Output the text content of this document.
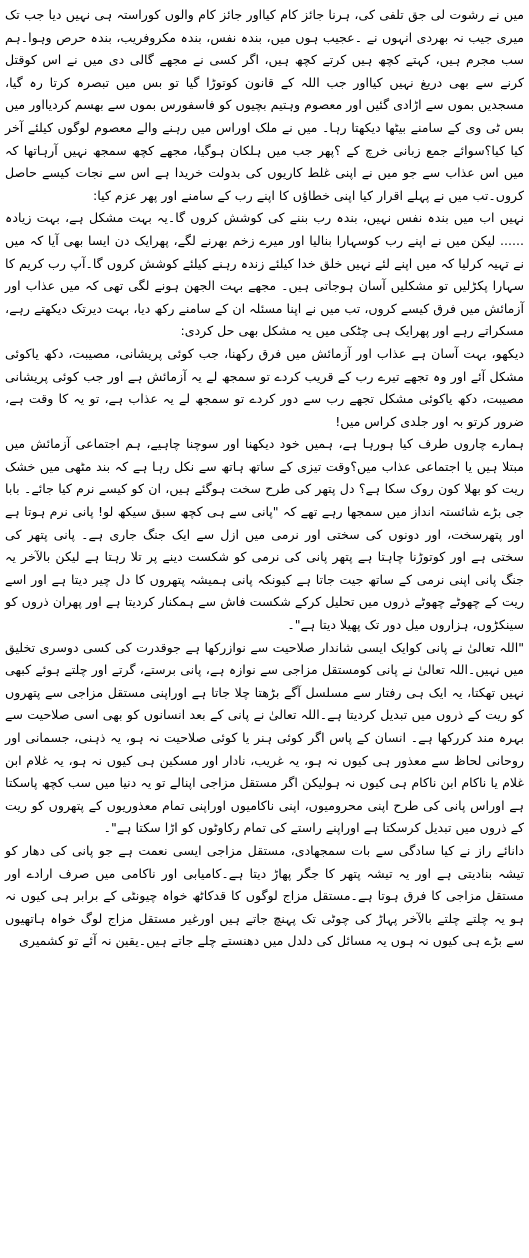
میں نے رشوت لی جق تلفی کی، ہرنا جائز کام کیااور جائز کام والوں کوراستہ ہی نہیں دیا جب تک میری جیب نہ بھردی انہوں نے ۔عجیب ہوں میں، بندہ نفس، بندہ مکروفریب، بندہ حرص وہوا۔ہم سب مجرم ہیں، کہتے کچھ ہیں کرتے کچھ ہیں، اگر کسی نے مجھے گالی دی میں نے اس کوقتل کرنے سے بھی دریغ نہیں کیااور جب اللہ کے قانون کوتوڑا گیا تو بس میں تبصرہ کرتا رہ گیا، مسجدیں بموں سے اڑادی گئیں اور معصوم وہتیم بچیوں کو فاسفورس بموں سے بھسم کردیااور میں بس ٹی وی کے سامنے بیٹھا دیکھتا رہا۔ میں نے ملک اوراس میں رہنے والے معصوم لوگوں کیلئے آخر کیا کیا؟سوائے جمع زبانی خرچ کے ؟پھر جب میں ہلکان ہوگیا، مجھے کچھ سمجھ نہیں آرہاتھا کہ میں اس عذاب سے جو میں نے اپنی غلط کاریوں کی بدولت خریدا ہے اس سے نجات کیسے حاصل کروں۔تب میں نے پہلے اقرار کیا اپنی خطاؤں کا اپنے رب کے سامنے اور پھر عزم کیا:

نہیں اب میں بندہ نفس نہیں، بندہ رب بننے کی کوشش کروں گا۔یہ بہت مشکل ہے، بہت زیادہ ...... لیکن میں نے اپنے رب کوسہارا بنالیا اور میرے زخم بھرنے لگے، پھرایک دن ایسا بھی آیا کہ میں نے تہیہ کرلیا کہ میں اپنے لئے نہیں خلق خدا کیلئے زندہ رہنے کیلئے کوشش کروں گا۔آپ رب کریم کا سہارا پکڑلیں تو مشکلیں آسان ہوجاتی ہیں۔ مجھے بہت الجھن ہونے لگی تھی کہ میں عذاب اور آزمائش میں فرق کیسے کروں، تب میں نے اپنا مسئلہ ان کے سامنے رکھ دیا، بہت دیرتک دیکھتے رہے، مسکراتے رہے اور پھرایک ہی چٹکی میں یہ مشکل بھی حل کردی:

دیکھو، بہت آسان ہے عذاب اور آزمائش میں فرق رکھنا، جب کوئی پریشانی، مصیبت، دکھ یاکوئی مشکل آئے اور وہ تجھے تیرے رب کے قریب کردے تو سمجھ لے یہ آزمائش ہے اور جب کوئی پریشانی مصیبت، دکھ یاکوئی مشکل تجھے رب سے دور کردے تو سمجھ لے یہ عذاب ہے، تو یہ کا وقت ہے، ضرور کرتو بہ اور جلدی کراس میں!

ہمارے چاروں طرف کیا ہورہا ہے، ہمیں خود دیکھنا اور سوچنا چاہیے، ہم اجتماعی آزمائش میں مبتلا ہیں یا اجتماعی عذاب میں؟وقت تیزی کے ساتھ ہاتھ سے نکل رہا ہے کہ بند مٹھی میں خشک ریت کو بھلا کون روک سکا ہے؟ دل پتھر کی طرح سخت ہوگئے ہیں، ان کو کیسے نرم کیا جائے۔ بابا جی بڑے شائستہ انداز میں سمجھا رہے تھے کہ "پانی سے ہی کچھ سبق سیکھ لو! پانی نرم ہوتا ہے اور پتھرسخت، اور دونوں کی سختی اور نرمی میں ازل سے ایک جنگ جاری ہے۔ پانی پتھر کی سختی ہے اور کوتوڑنا چاہتا ہے پتھر پانی کی نرمی کو شکست دینے پر تلا رہتا ہے لیکن بالآخر یہ جنگ پانی اپنی نرمی کے ساتھ جیت جاتا ہے کیونکہ پانی ہمیشہ پتھروں کا دل چیر دیتا ہے اور اسے ریت کے چھوٹے چھوٹے ذروں میں تحلیل کرکے شکست فاش سے ہمکنار کردیتا ہے اور پھران ذروں کو سینکڑوں، ہزاروں میل دور تک پھیلا دیتا ہے"۔

"اللہ تعالیٰ نے پانی کوایک ایسی شاندار صلاحیت سے نوازرکھا ہے جوقدرت کی کسی دوسری تخلیق میں نہیں۔اللہ تعالیٰ نے پانی کومستقل مزاجی سے نوازہ ہے، پانی برستے، گرتے اور چلتے ہوئے کبھی نہیں تھکتا، یہ ایک ہی رفتار سے مسلسل آگے بڑھتا چلا جاتا ہے اوراپنی مستقل مزاجی سے پتھروں کو ریت کے ذروں میں تبدیل کردیتا ہے۔اللہ تعالیٰ نے پانی کے بعد انسانوں کو بھی اسی صلاحیت سے بہرہ مند کررکھا ہے۔ انسان کے پاس اگر کوئی ہنر یا کوئی صلاحیت نہ ہو، یہ ذہنی، جسمانی اور روحانی لحاظ سے معذور ہی کیوں نہ ہو، یہ غریب، نادار اور مسکین ہی کیوں نہ ہو، یہ غلام ابن غلام یا ناکام ابن ناکام ہی کیوں نہ ہولیکن اگر مستقل مزاجی اپنالے تو یہ دنیا میں سب کچھ پاسکتا ہے اوراس پانی کی طرح اپنی محرومیوں، اپنی ناکامیوں اوراپنی تمام معذوریوں کے پتھروں کو ریت کے ذروں میں تبدیل کرسکتا ہے اوراپنے راستے کی تمام رکاوٹوں کو اڑا سکتا ہے"۔

دانائے راز نے کیا سادگی سے بات سمجھادی، مستقل مزاجی ایسی نعمت ہے جو پانی کی دھار کو تیشہ بنادیتی ہے اور یہ تیشہ پتھر کا جگر پھاڑ دیتا ہے۔کامیابی اور ناکامی میں صرف ارادے اور مستقل مزاجی کا فرق ہوتا ہے۔مستقل مزاج لوگوں کا قدکاٹھ خواہ چیونٹی کے برابر ہی کیوں نہ ہو یہ چلتے چلتے بالآخر پہاڑ کی چوٹی تک پہنچ جاتے ہیں اورغیر مستقل مزاج لوگ خواہ ہاتھیوں سے بڑے ہی کیوں نہ ہوں یہ مسائل کی دلدل میں دھنستے چلے جاتے ہیں۔یقین نہ آئے تو کشمیری
